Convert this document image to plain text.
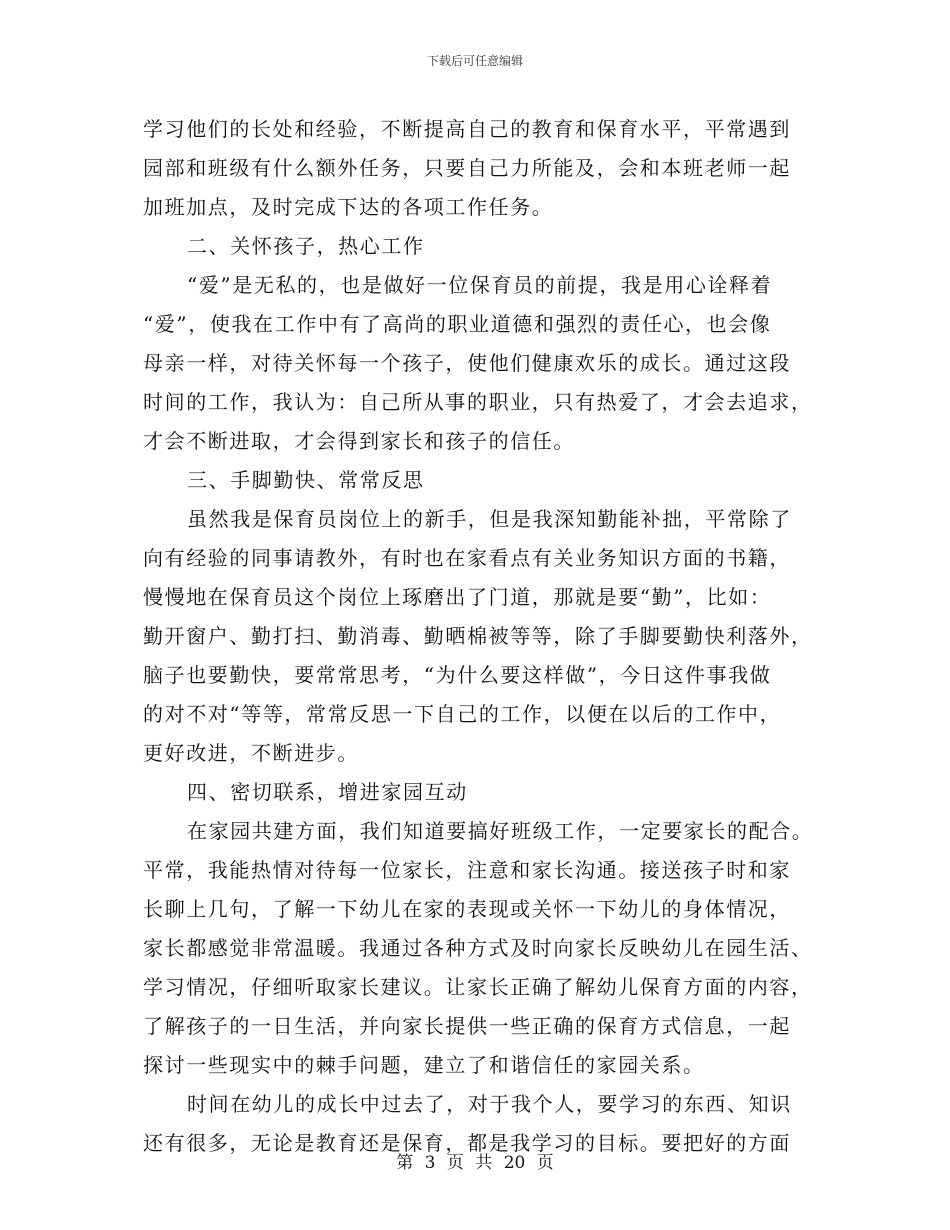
下载后可任意编辑
学习他们的长处和经验，不断提高自己的教育和保育水平，平常遇到
园部和班级有什么额外任务，只要自己力所能及，会和本班老师一起
加班加点，及时完成下达的各项工作任务。
二、关怀孩子，热心工作
“爱”是无私的，也是做好一位保育员的前提，我是用心诠释着
“爱”，使我在工作中有了高尚的职业道德和强烈的责任心，也会像
母亲一样，对待关怀每一个孩子，使他们健康欢乐的成长。通过这段
时间的工作，我认为：自己所从事的职业，只有热爱了，才会去追求，
才会不断进取，才会得到家长和孩子的信任。
三、手脚勤快、常常反思
虽然我是保育员岗位上的新手，但是我深知勤能补拙，平常除了
向有经验的同事请教外，有时也在家看点有关业务知识方面的书籍，
慢慢地在保育员这个岗位上琢磨出了门道，那就是要“勤”，比如：
勤开窗户、勤打扫、勤消毒、勤晒棉被等等，除了手脚要勤快利落外，
脑子也要勤快，要常常思考，“为什么要这样做”，今日这件事我做
的对不对“等等，常常反思一下自己的工作，以便在以后的工作中，
更好改进，不断进步。
四、密切联系，增进家园互动
在家园共建方面，我们知道要搞好班级工作，一定要家长的配合。
平常，我能热情对待每一位家长，注意和家长沟通。接送孩子时和家
长聊上几句，了解一下幼儿在家的表现或关怀一下幼儿的身体情况，
家长都感觉非常温暖。我通过各种方式及时向家长反映幼儿在园生活、
学习情况，仔细听取家长建议。让家长正确了解幼儿保育方面的内容，
了解孩子的一日生活，并向家长提供一些正确的保育方式信息，一起
探讨一些现实中的棘手问题，建立了和谐信任的家园关系。
时间在幼儿的成长中过去了，对于我个人，要学习的东西、知识
还有很多，无论是教育还是保育，都是我学习的目标。要把好的方面
第 3 页 共 20 页
